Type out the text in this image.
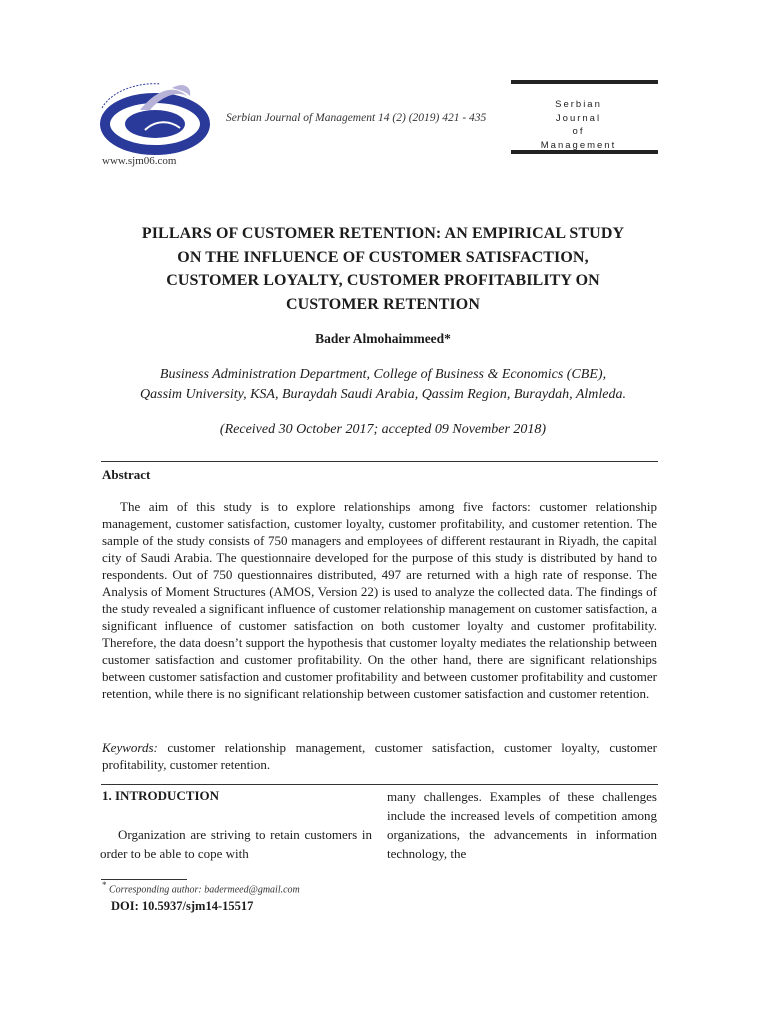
www.sjm06.com
Serbian Journal of Management 14 (2) (2019) 421 - 435
Serbian
Journal
of
Management
PILLARS OF CUSTOMER RETENTION: AN EMPIRICAL STUDY
ON THE INFLUENCE OF CUSTOMER SATISFACTION,
CUSTOMER LOYALTY, CUSTOMER PROFITABILITY ON
CUSTOMER RETENTION
Bader Almohaimmeed*
Business Administration Department, College of Business & Economics (CBE),
Qassim University, KSA, Buraydah Saudi Arabia, Qassim Region, Buraydah, Almleda.
(Received 30 October 2017; accepted 09 November 2018)
Abstract
The aim of this study is to explore relationships among five factors: customer relationship management, customer satisfaction, customer loyalty, customer profitability, and customer retention. The sample of the study consists of 750 managers and employees of different restaurant in Riyadh, the capital city of Saudi Arabia. The questionnaire developed for the purpose of this study is distributed by hand to respondents. Out of 750 questionnaires distributed, 497 are returned with a high rate of response. The Analysis of Moment Structures (AMOS, Version 22) is used to analyze the collected data. The findings of the study revealed a significant influence of customer relationship management on customer satisfaction, a significant influence of customer satisfaction on both customer loyalty and customer profitability. Therefore, the data doesn’t support the hypothesis that customer loyalty mediates the relationship between customer satisfaction and customer profitability. On the other hand, there are significant relationships between customer satisfaction and customer profitability and between customer profitability and customer retention, while there is no significant relationship between customer satisfaction and customer retention.
Keywords: customer relationship management, customer satisfaction, customer loyalty, customer profitability, customer retention.
1. INTRODUCTION
Organization are striving to retain customers in order to be able to cope with
many challenges. Examples of these challenges include the increased levels of competition among organizations, the advancements in information technology, the
* Corresponding author: badermeed@gmail.com
DOI: 10.5937/sjm14-15517
